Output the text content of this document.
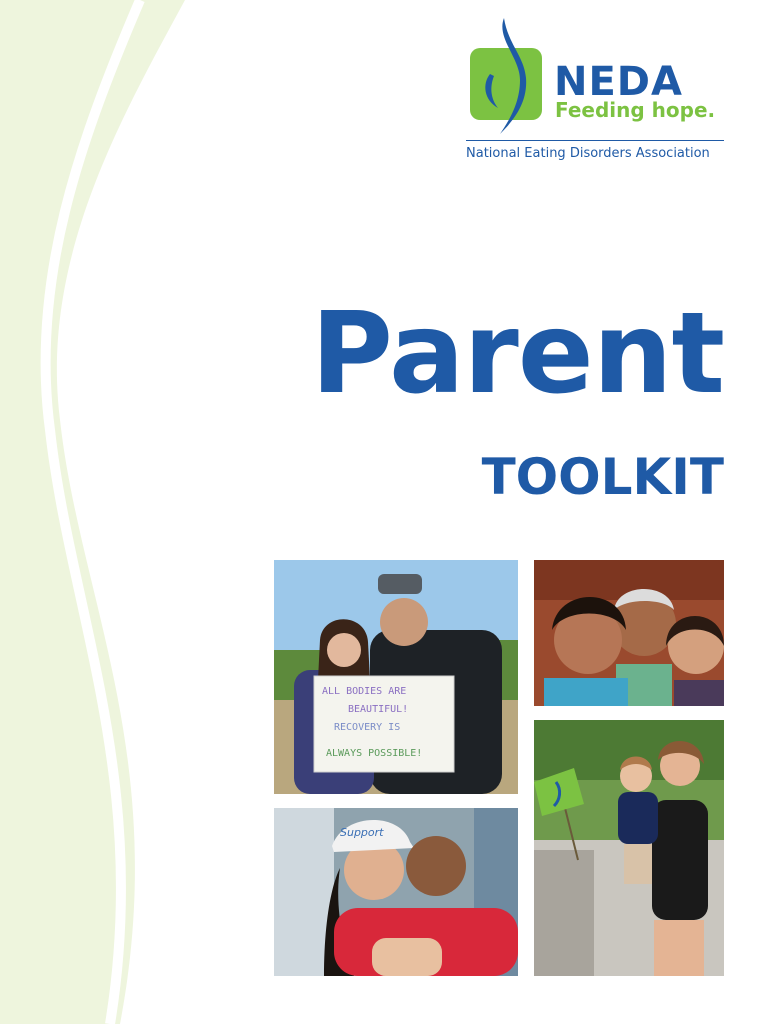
NEDA
Feeding hope.
National Eating Disorders Association
Parent
TOOLKIT
ALL BODIES ARE
BEAUTIFUL!
RECOVERY IS
ALWAYS POSSIBLE!
Support
